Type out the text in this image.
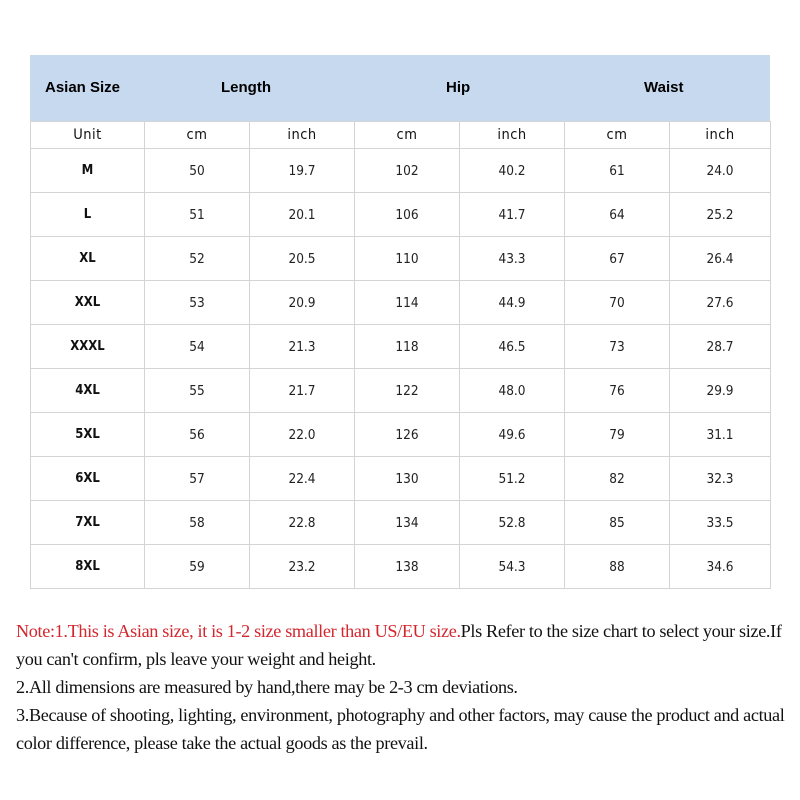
Asian Size	Length	Hip	Waist
Unit	cm	inch	cm	inch	cm	inch
M	50	19.7	102	40.2	61	24.0
L	51	20.1	106	41.7	64	25.2
XL	52	20.5	110	43.3	67	26.4
XXL	53	20.9	114	44.9	70	27.6
XXXL	54	21.3	118	46.5	73	28.7
4XL	55	21.7	122	48.0	76	29.9
5XL	56	22.0	126	49.6	79	31.1
6XL	57	22.4	130	51.2	82	32.3
7XL	58	22.8	134	52.8	85	33.5
8XL	59	23.2	138	54.3	88	34.6

Note:1.This is Asian size, it is 1-2 size smaller than US/EU size.Pls Refer to the size chart to select your size.If you can't confirm, pls leave your weight and height.

2.All dimensions are measured by hand,there may be 2-3 cm deviations.

3.Because of shooting, lighting, environment, photography and other factors, may cause the product and actual color difference, please take the actual goods as the prevail.
